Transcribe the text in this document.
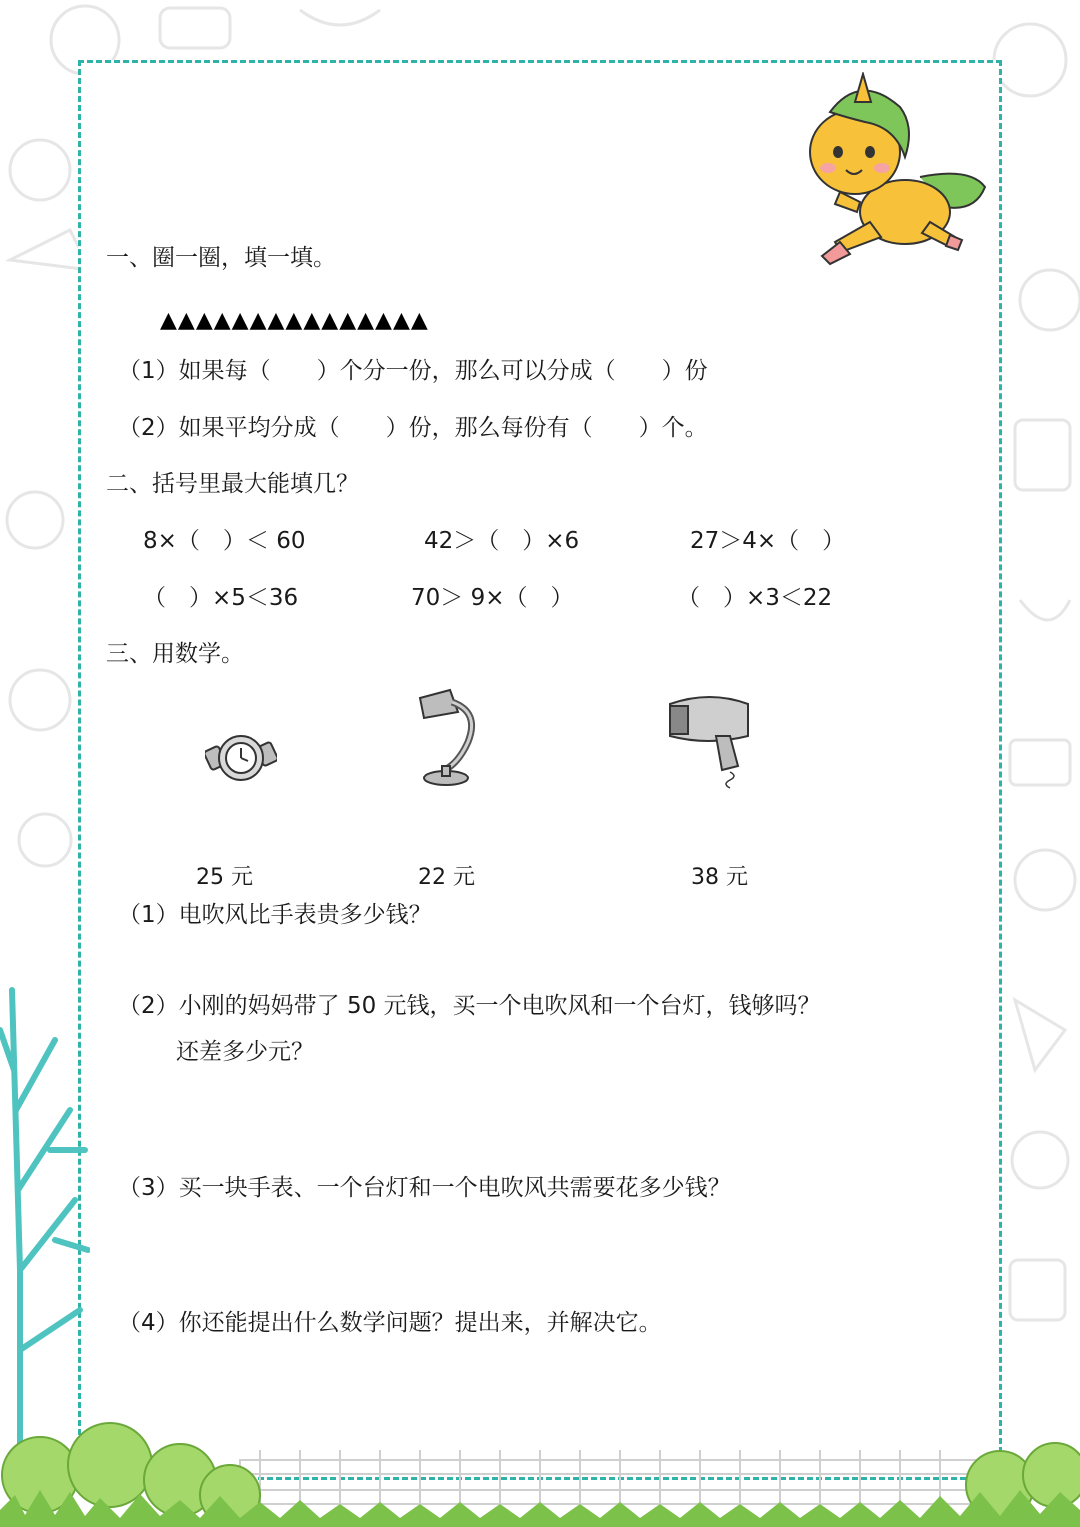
一、圈一圈，填一填。
▲▲▲▲▲▲▲▲▲▲▲▲▲▲▲
（1）如果每（　　）个分一份，那么可以分成（　　）份
（2）如果平均分成（　　）份，那么每份有（　　）个。
二、括号里最大能填几？
8×（　）＜ 60	42＞（　）×6	27＞4×（　）
（　）×5＜36	70＞ 9×（　）	（　）×3＜22
三、用数学。
25 元	22 元	38 元
（1）电吹风比手表贵多少钱？
（2）小刚的妈妈带了 50 元钱，买一个电吹风和一个台灯，钱够吗？
还差多少元？
（3）买一块手表、一个台灯和一个电吹风共需要花多少钱？
（4）你还能提出什么数学问题？提出来，并解决它。
